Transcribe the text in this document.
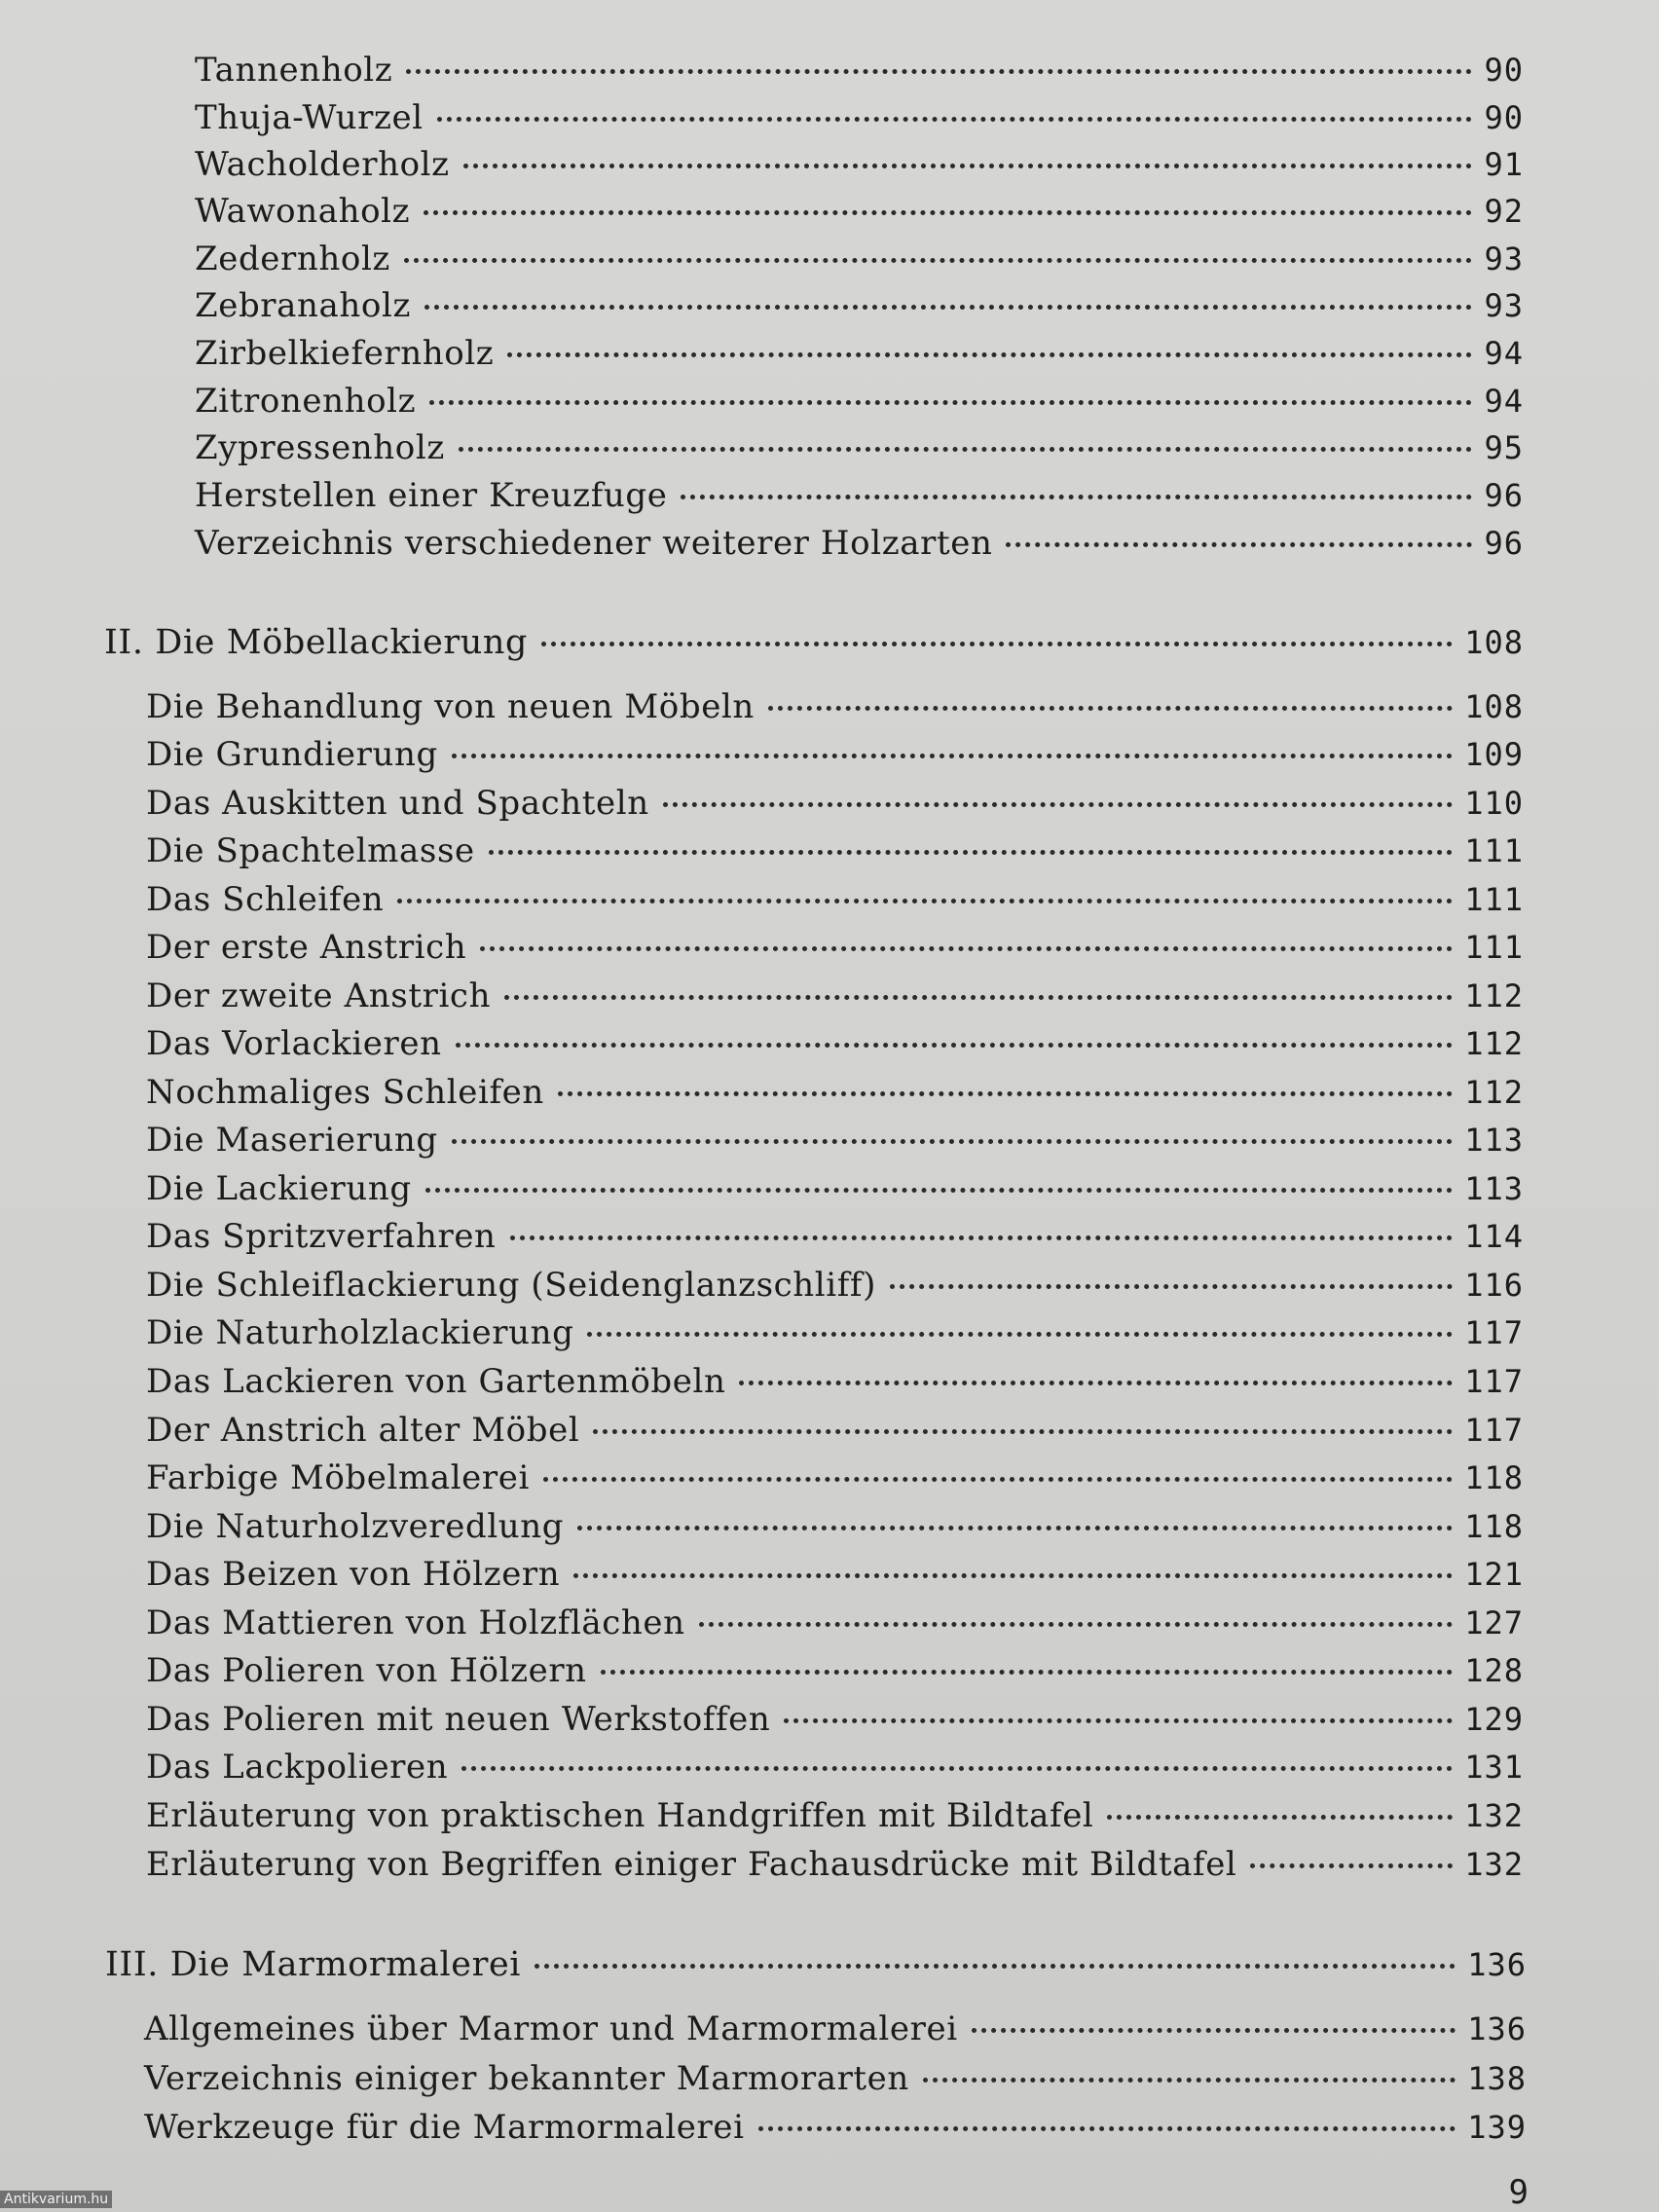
Tannenholz	90
Thuja-Wurzel	90
Wacholderholz	91
Wawonaholz	92
Zedernholz	93
Zebranaholz	93
Zirbelkiefernholz	94
Zitronenholz	94
Zypressenholz	95
Herstellen einer Kreuzfuge	96
Verzeichnis verschiedener weiterer Holzarten	96
II. Die Möbellackierung	108
Die Behandlung von neuen Möbeln	108
Die Grundierung	109
Das Auskitten und Spachteln	110
Die Spachtelmasse	111
Das Schleifen	111
Der erste Anstrich	111
Der zweite Anstrich	112
Das Vorlackieren	112
Nochmaliges Schleifen	112
Die Maserierung	113
Die Lackierung	113
Das Spritzverfahren	114
Die Schleiflackierung (Seidenglanzschliff)	116
Die Naturholzlackierung	117
Das Lackieren von Gartenmöbeln	117
Der Anstrich alter Möbel	117
Farbige Möbelmalerei	118
Die Naturholzveredlung	118
Das Beizen von Hölzern	121
Das Mattieren von Holzflächen	127
Das Polieren von Hölzern	128
Das Polieren mit neuen Werkstoffen	129
Das Lackpolieren	131
Erläuterung von praktischen Handgriffen mit Bildtafel	132
Erläuterung von Begriffen einiger Fachausdrücke mit Bildtafel	132
III. Die Marmormalerei	136
Allgemeines über Marmor und Marmormalerei	136
Verzeichnis einiger bekannter Marmorarten	138
Werkzeuge für die Marmormalerei	139
9
Antikvarium.hu
